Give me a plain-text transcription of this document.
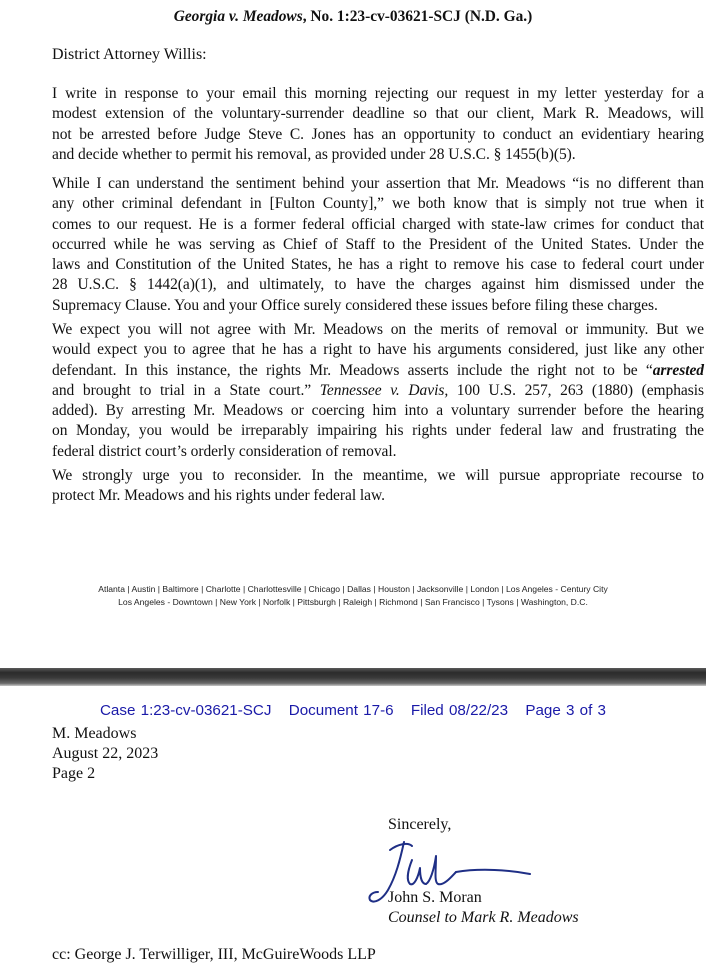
Georgia v. Meadows, No. 1:23-cv-03621-SCJ (N.D. Ga.)
District Attorney Willis:
I write in response to your email this morning rejecting our request in my letter yesterday for a
modest extension of the voluntary-surrender deadline so that our client, Mark R. Meadows, will
not be arrested before Judge Steve C. Jones has an opportunity to conduct an evidentiary hearing
and decide whether to permit his removal, as provided under 28 U.S.C. § 1455(b)(5).
While I can understand the sentiment behind your assertion that Mr. Meadows “is no different than
any other criminal defendant in [Fulton County],” we both know that is simply not true when it
comes to our request. He is a former federal official charged with state-law crimes for conduct that
occurred while he was serving as Chief of Staff to the President of the United States. Under the
laws and Constitution of the United States, he has a right to remove his case to federal court under
28 U.S.C. § 1442(a)(1), and ultimately, to have the charges against him dismissed under the
Supremacy Clause. You and your Office surely considered these issues before filing these charges.
We expect you will not agree with Mr. Meadows on the merits of removal or immunity. But we
would expect you to agree that he has a right to have his arguments considered, just like any other
defendant. In this instance, the rights Mr. Meadows asserts include the right not to be “arrested
and brought to trial in a State court.” Tennessee v. Davis, 100 U.S. 257, 263 (1880) (emphasis
added). By arresting Mr. Meadows or coercing him into a voluntary surrender before the hearing
on Monday, you would be irreparably impairing his rights under federal law and frustrating the
federal district court’s orderly consideration of removal.
We strongly urge you to reconsider. In the meantime, we will pursue appropriate recourse to
protect Mr. Meadows and his rights under federal law.
Atlanta | Austin | Baltimore | Charlotte | Charlottesville | Chicago | Dallas | Houston | Jacksonville | London | Los Angeles - Century City
Los Angeles - Downtown | New York | Norfolk | Pittsburgh | Raleigh | Richmond | San Francisco | Tysons | Washington, D.C.
Case 1:23-cv-03621-SCJ Document 17-6 Filed 08/22/23 Page 3 of 3
M. Meadows
August 22, 2023
Page 2
Sincerely,
John S. Moran
Counsel to Mark R. Meadows
cc: George J. Terwilliger, III, McGuireWoods LLP
